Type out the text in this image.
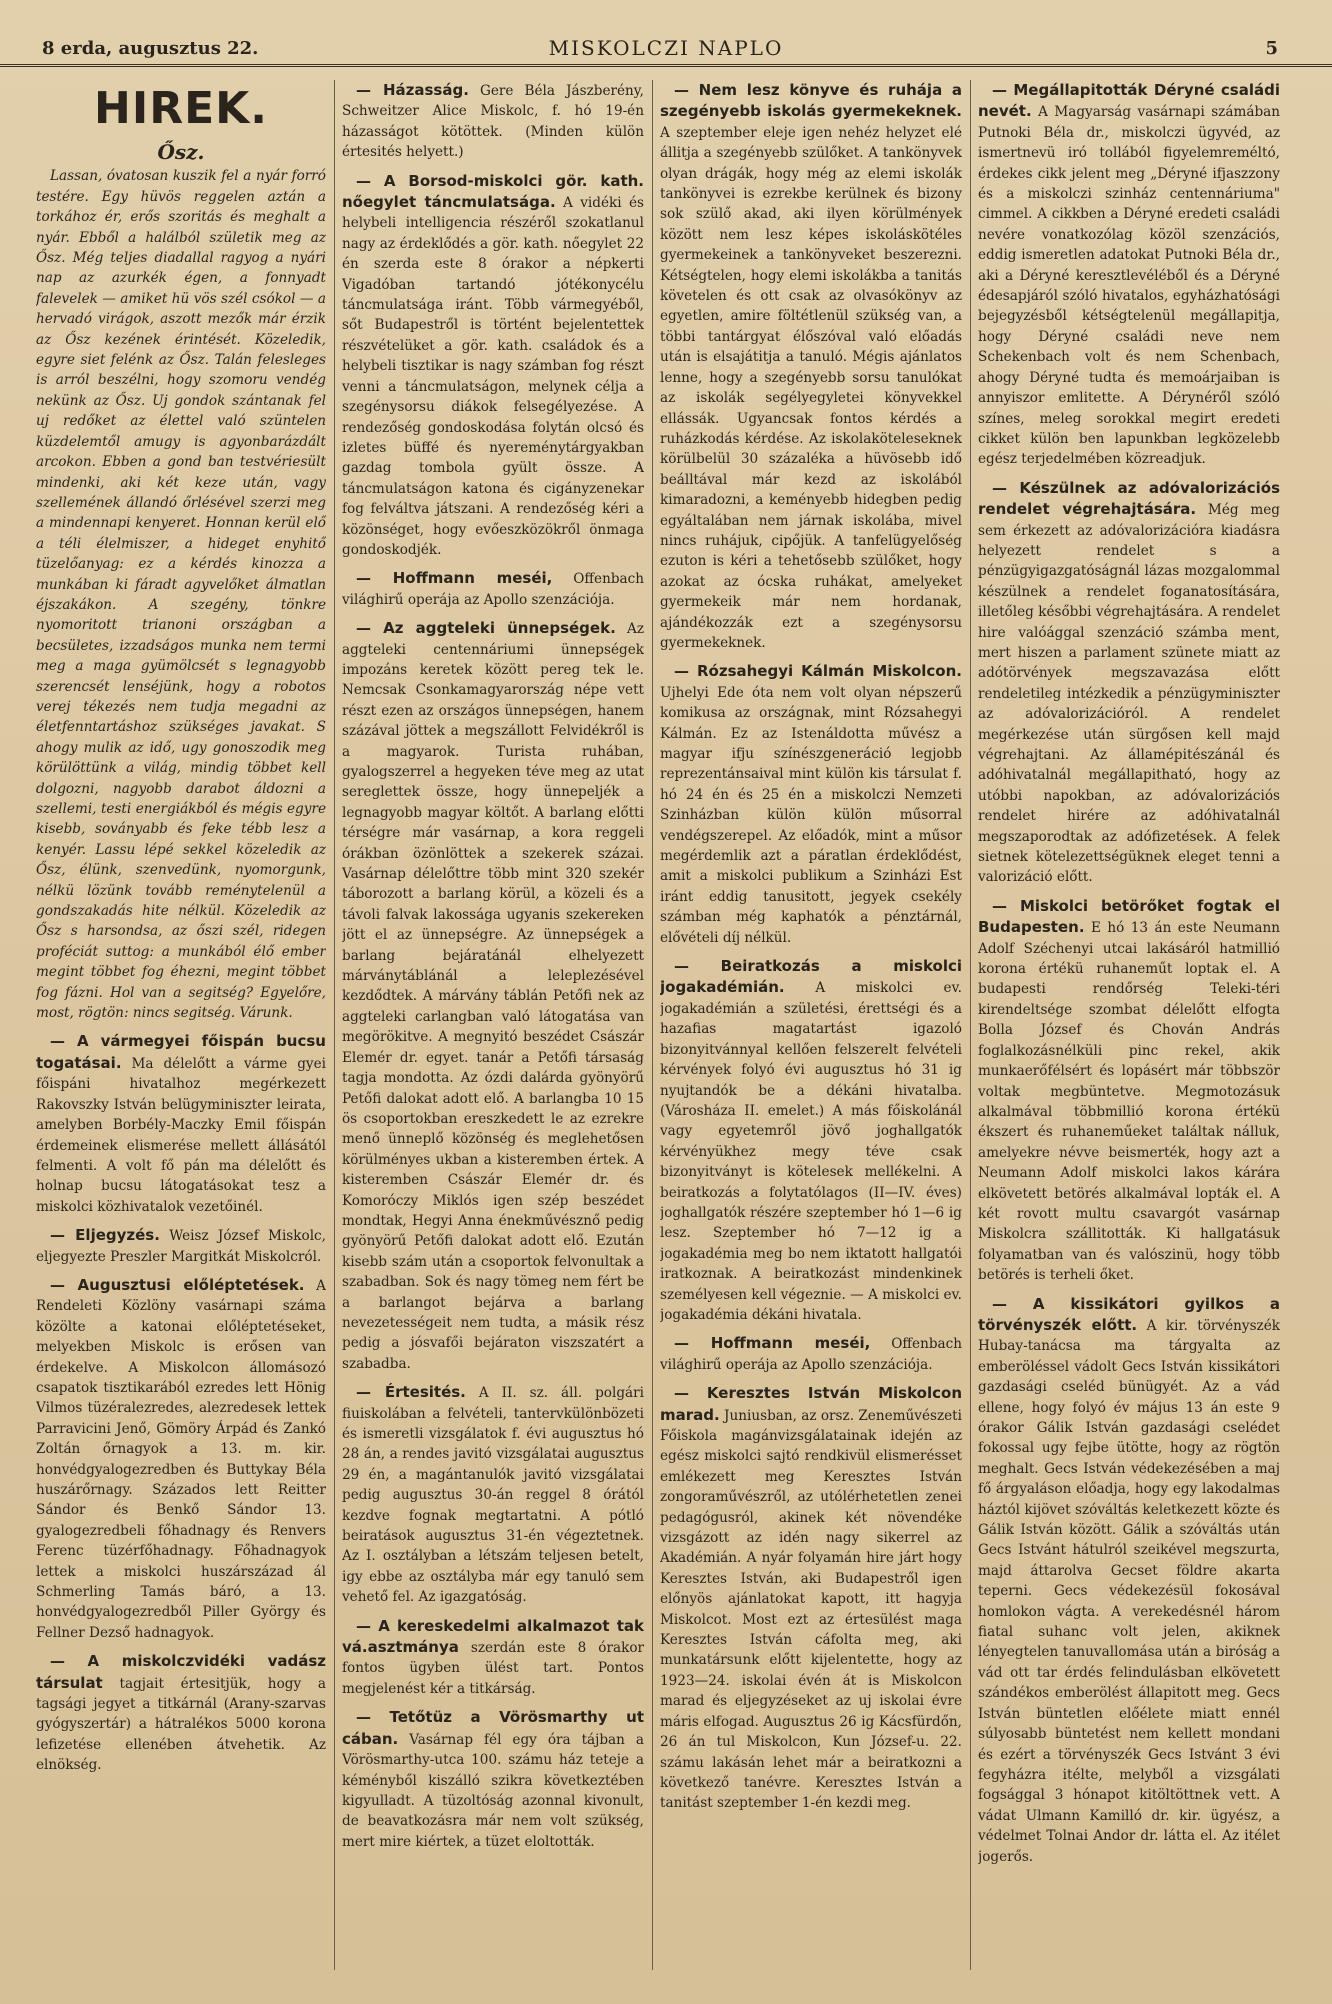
8 erda, augusztus 22.	MISKOLCZI NAPLO	5
HIREK.
Ősz.

Lassan, óvatosan kuszik fel a nyár forró testére. Egy hüvös reggelen aztán a torkához ér, erős szoritás és meghalt a nyár. Ebből a halálból születik meg az Ősz. Még teljes diadallal ragyog a nyári nap az azurkék égen, a fonnyadt falevelek — amiket hü vös szél csókol — a hervadó virágok, aszott mezők már érzik az Ősz kezének érintését. Közeledik, egyre siet felénk az Ősz. Talán felesleges is arról beszélni, hogy szomoru vendég nekünk az Ősz. Uj gondok szántanak fel uj redőket az élettel való szüntelen küzdelemtől amugy is agyonbarázdált arcokon. Ebben a gond ban testvériesült mindenki, aki két keze után, vagy szellemének állandó őrlésével szerzi meg a mindennapi kenyeret. Honnan kerül elő a téli élelmiszer, a hideget enyhitő tüzelőanyag: ez a kérdés kinozza a munkában ki fáradt agyvelőket álmatlan éjszakákon. A szegény, tönkre nyomoritott trianoni országban a becsületes, izzadságos munka nem termi meg a maga gyümölcsét s legnagyobb szerencsét lenséjünk, hogy a robotos verej tékezés nem tudja megadni az életfenntartáshoz szükséges javakat. S ahogy mulik az idő, ugy gonoszodik meg körülöttünk a világ, mindig többet kell dolgozni, nagyobb darabot áldozni a szellemi, testi energiákból és mégis egyre kisebb, soványabb és feke tébb lesz a kenyér. Lassu lépé sekkel közeledik az Ősz, élünk, szenvedünk, nyomorgunk, nélkü lözünk tovább reménytelenül a gondszakadás hite nélkül. Közeledik az Ősz s harsondsa, az őszi szél, ridegen proféciát suttog: a munkából élő ember megint többet fog éhezni, megint többet fog fázni. Hol van a segitség? Egyelőre, most, rögtön: nincs segitség. Várunk.

— A vármegyei főispán bucsu togatásai. Ma délelőtt a várme gyei főispáni hivatalhoz megérkezett Rakovszky István belügyminiszter leirata, amelyben Borbély-Maczky Emil főispán érdemeinek elismerése mellett állásától felmenti. A volt fő pán ma délelőtt és holnap bucsu látogatásokat tesz a miskolci közhivatalok vezetőinél.

— Eljegyzés. Weisz József Miskolc, eljegyezte Preszler Margitkát Miskolcról.

— Augusztusi előléptetések. A Rendeleti Közlöny vasárnapi száma közölte a katonai előléptetéseket, melyekben Miskolc is erősen van érdekelve. A Miskolcon állomásozó csapatok tisztikarából ezredes lett Hönig Vilmos tüzéralezredes, alezredesek lettek Parravicini Jenő, Gömöry Árpád és Zankó Zoltán őrnagyok a 13. m. kir. honvédgyalogezredben és Buttykay Béla huszárőrnagy. Százados lett Reitter Sándor és Benkő Sándor 13. gyalogezredbeli főhadnagy és Renvers Ferenc tüzérfőhadnagy. Főhadnagyok lettek a miskolci huszárszázad ál Schmerling Tamás báró, a 13. honvédgyalogezredből Piller György és Fellner Dezső hadnagyok.

— A miskolczvidéki vadász társulat tagjait értesitjük, hogy a tagsági jegyet a titkárnál (Arany-szarvas gyógyszertár) a hátralékos 5000 korona lefizetése ellenében átvehetik. Az elnökség.

— Házasság. Gere Béla Jászberény, Schweitzer Alice Miskolc, f. hó 19-én házasságot kötöttek. (Minden külön értesités helyett.)

— A Borsod-miskolci gör. kath. nőegylet táncmulatsága. A vidéki és helybeli intelligencia részéről szokatlanul nagy az érdeklődés a gör. kath. nőegylet 22 én szerda este 8 órakor a népkerti Vigadóban tartandó jótékonycélu táncmulatsága iránt. Több vármegyéből, sőt Budapestről is történt bejelentettek részvételüket a gör. kath. családok és a helybeli tisztikar is nagy számban fog részt venni a táncmulatságon, melynek célja a szegénysorsu diákok felsegélyezése. A rendezőség gondoskodása folytán olcsó és izletes büffé és nyereménytárgyakban gazdag tombola gyült össze. A táncmulatságon katona és cigányzenekar fog felváltva játszani. A rendezőség kéri a közönséget, hogy evőeszközökről önmaga gondoskodjék.

— Hoffmann meséi, Offenbach világhirű operája az Apollo szenzációja.

— Az aggteleki ünnepségek. Az aggteleki centennáriumi ünnepségek impozáns keretek között pereg tek le. Nemcsak Csonkamagyarország népe vett részt ezen az országos ünnepségen, hanem százával jöttek a megszállott Felvidékről is a magyarok. Turista ruhában, gyalogszerrel a hegyeken téve meg az utat sereglettek össze, hogy ünnepeljék a legnagyobb magyar költőt. A barlang előtti térségre már vasárnap, a kora reggeli órákban özönlöttek a szekerek százai. Vasárnap délelőttre több mint 320 szekér táborozott a barlang körül, a közeli és a távoli falvak lakossága ugyanis szekereken jött el az ünnepségre. Az ünnepségek a barlang bejáratánál elhelyezett márványtáblánál a leleplezésével kezdődtek. A márvány táblán Petőfi nek az aggteleki carlangban való látogatása van megörökitve. A megnyitó beszédet Császár Elemér dr. egyet. tanár a Petőfi társaság tagja mondotta. Az ózdi dalárda gyönyörű Petőfi dalokat adott elő. A barlangba 10 15 ös csoportokban ereszkedett le az ezrekre menő ünneplő közönség és meglehetősen körülményes ukban a kisteremben értek. A kisteremben Császár Elemér dr. és Komoróczy Miklós igen szép beszédet mondtak, Hegyi Anna énekművésznő pedig gyönyörű Petőfi dalokat adott elő. Ezután kisebb szám után a csoportok felvonultak a szabadban. Sok és nagy tömeg nem fért be a barlangot bejárva a barlang nevezetességeit nem tudta, a másik rész pedig a jósvafői bejáraton viszszatért a szabadba.

— Értesités. A II. sz. áll. polgári fiuiskolában a felvételi, tantervkülönbözeti és ismeretli vizsgálatok f. évi augusztus hó 28 án, a rendes javitó vizsgálatai augusztus 29 én, a magántanulók javitó vizsgálatai pedig augusztus 30-án reggel 8 órától kezdve fognak megtartatni. A pótló beiratások augusztus 31-én végeztetnek. Az I. osztályban a létszám teljesen betelt, igy ebbe az osztályba már egy tanuló sem vehető fel. Az igazgatóság.

— A kereskedelmi alkalmazot tak vá.asztmánya szerdán este 8 órakor fontos ügyben ülést tart. Pontos megjelenést kér a titkárság.

— Tetőtüz a Vörösmarthy ut cában. Vasárnap fél egy óra tájban a Vörösmarthy-utca 100. számu ház teteje a kéményből kiszálló szikra következtében kigyulladt. A tüzoltóság azonnal kivonult, de beavatkozásra már nem volt szükség, mert mire kiértek, a tüzet eloltották.

— Nem lesz könyve és ruhája a szegényebb iskolás gyermekeknek. A szeptember eleje igen nehéz helyzet elé állitja a szegényebb szülőket. A tankönyvek olyan drágák, hogy még az elemi iskolák tankönyvei is ezrekbe kerülnek és bizony sok szülő akad, aki ilyen körülmények között nem lesz képes iskoláskötéles gyermekeinek a tankönyveket beszerezni. Kétségtelen, hogy elemi iskolákba a tanitás követelen és ott csak az olvasókönyv az egyetlen, amire föltétlenül szükség van, a többi tantárgyat élőszóval való előadás után is elsajátitja a tanuló. Mégis ajánlatos lenne, hogy a szegényebb sorsu tanulókat az iskolák segélyegyletei könyvekkel ellássák. Ugyancsak fontos kérdés a ruházkodás kérdése. Az iskolaköteleseknek körülbelül 30 százaléka a hüvösebb idő beálltával már kezd az iskolából kimaradozni, a keményebb hidegben pedig egyáltalában nem járnak iskolába, mivel nincs ruhájuk, cipőjük. A tanfelügyelőség ezuton is kéri a tehetősebb szülőket, hogy azokat az ócska ruhákat, amelyeket gyermekeik már nem hordanak, ajándékozzák ezt a szegénysorsu gyermekeknek.

— Rózsahegyi Kálmán Miskolcon. Ujhelyi Ede óta nem volt olyan népszerű komikusa az országnak, mint Rózsahegyi Kálmán. Ez az Istenáldotta művész a magyar ifju színészgeneráció legjobb reprezentánsaival mint külön kis társulat f. hó 24 én és 25 én a miskolczi Nemzeti Szinházban külön külön műsorral vendégszerepel. Az előadók, mint a műsor megérdemlik azt a páratlan érdeklődést, amit a miskolci publikum a Szinházi Est iránt eddig tanusitott, jegyek csekély számban még kaphatók a pénztárnál, elővételi díj nélkül.

— Beiratkozás a miskolci jogakadémián. A miskolci ev. jogakadémián a születési, érettségi és a hazafias magatartást igazoló bizonyitvánnyal kellően felszerelt felvételi kérvények folyó évi augusztus hó 31 ig nyujtandók be a dékáni hivatalba. (Városháza II. emelet.) A más főiskolánál vagy egyetemről jövő joghallgatók kérvényükhez megy téve csak bizonyitványt is kötelesek mellékelni. A beiratkozás a folytatólagos (II—IV. éves) joghallgatók részére szeptember hó 1—6 ig lesz. Szeptember hó 7—12 ig a jogakadémia meg bo nem iktatott hallgatói iratkoznak. A beiratkozást mindenkinek személyesen kell végeznie. — A miskolci ev. jogakadémia dékáni hivatala.

— Hoffmann meséi, Offenbach világhirű operája az Apollo szenzációja.

— Keresztes István Miskolcon marad. Juniusban, az orsz. Zeneművészeti Főiskola magánvizsgálatainak idején az egész miskolci sajtó rendkivül elismerésset emlékezett meg Keresztes István zongoraművészről, az utólérhetetlen zenei pedagógusról, akinek két növendéke vizsgázott az idén nagy sikerrel az Akadémián. A nyár folyamán hire járt hogy Keresztes István, aki Budapestről igen előnyös ajánlatokat kapott, itt hagyja Miskolcot. Most ezt az értesülést maga Keresztes István cáfolta meg, aki munkatársunk előtt kijelentette, hogy az 1923—24. iskolai évén át is Miskolcon marad és eljegyzéseket az uj iskolai évre máris elfogad. Augusztus 26 ig Kácsfürdőn, 26 án tul Miskolcon, Kun József-u. 22. számu lakásán lehet már a beiratkozni a következő tanévre. Keresztes István a tanitást szeptember 1-én kezdi meg.

— Megállapitották Déryné családi nevét. A Magyarság vasárnapi számában Putnoki Béla dr., miskolczi ügyvéd, az ismertnevü iró tollából figyelemreméltó, érdekes cikk jelent meg „Déryné ifjaszzony és a miskolczi szinház centennáriuma" cimmel. A cikkben a Déryné eredeti családi nevére vonatkozólag közöl szenzációs, eddig ismeretlen adatokat Putnoki Béla dr., aki a Déryné keresztlevéléből és a Déryné édesapjáról szóló hivatalos, egyházhatósági bejegyzésből kétségtelenül megállapitja, hogy Déryné családi neve nem Schekenbach volt és nem Schenbach, ahogy Déryné tudta és memoárjaiban is annyiszor emlitette. A Dérynéről szóló színes, meleg sorokkal megirt eredeti cikket külön ben lapunkban legközelebb egész terjedelmében közreadjuk.

— Készülnek az adóvalorizációs rendelet végrehajtására. Még meg sem érkezett az adóvalorizációra kiadásra helyezett rendelet s a pénzügyigazgatóságnál lázas mozgalommal készülnek a rendelet foganatosítására, illetőleg későbbi végrehajtására. A rendelet hire valóággal szenzáció számba ment, mert hiszen a parlament szünete miatt az adótörvények megszavazása előtt rendeletileg intézkedik a pénzügyminiszter az adóvalorizációról. A rendelet megérkezése után sürgősen kell majd végrehajtani. Az államépitészánál és adóhivatalnál megállapitható, hogy az utóbbi napokban, az adóvalorizációs rendelet hirére az adóhivatalnál megszaporodtak az adófizetések. A felek sietnek kötelezettségüknek eleget tenni a valorizáció előtt.

— Miskolci betörőket fogtak el Budapesten. E hó 13 án este Neumann Adolf Széchenyi utcai lakásáról hatmillió korona értékü ruhaneműt loptak el. A budapesti rendőrség Teleki-téri kirendeltsége szombat délelőtt elfogta Bolla József és Chován András foglalkozásnélküli pinc rekel, akik munkaerőfélsért és lopásért már többször voltak megbüntetve. Megmotozásuk alkalmával többmillió korona értékü ékszert és ruhaneműeket találtak nálluk, amelyekre névve beismerték, hogy azt a Neumann Adolf miskolci lakos kárára elkövetett betörés alkalmával lopták el. A két rovott multu csavargót vasárnap Miskolcra szállitották. Ki hallgatásuk folyamatban van és valószinü, hogy több betörés is terheli őket.

— A kissikátori gyilkos a törvényszék előtt. A kir. törvényszék Hubay-tanácsa ma tárgyalta az emberöléssel vádolt Gecs István kissikátori gazdasági cseléd bünügyét. Az a vád ellene, hogy folyó év május 13 án este 9 órakor Gálik István gazdasági cselédet fokossal ugy fejbe ütötte, hogy az rögtön meghalt. Gecs István védekezésében a maj fő árgyaláson előadja, hogy egy lakodalmas háztól kijövet szóváltás keletkezett közte és Gálik István között. Gálik a szóváltás után Gecs Istvánt hátulról szeikével megszurta, majd áttarolva Gecset földre akarta teperni. Gecs védekezésül fokosával homlokon vágta. A verekedésnél három fiatal suhanc volt jelen, akiknek lényegtelen tanuvallomása után a biróság a vád ott tar érdés felindulásban elkövetett szándékos emberölést állapitott meg. Gecs István büntetlen előélete miatt ennél súlyosabb büntetést nem kellett mondani és ezért a törvényszék Gecs Istvánt 3 évi fegyházra itélte, melyből a vizsgálati fogsággal 3 hónapot kitöltöttnek vett. A vádat Ulmann Kamilló dr. kir. ügyész, a védelmet Tolnai Andor dr. látta el. Az itélet jogerős.
